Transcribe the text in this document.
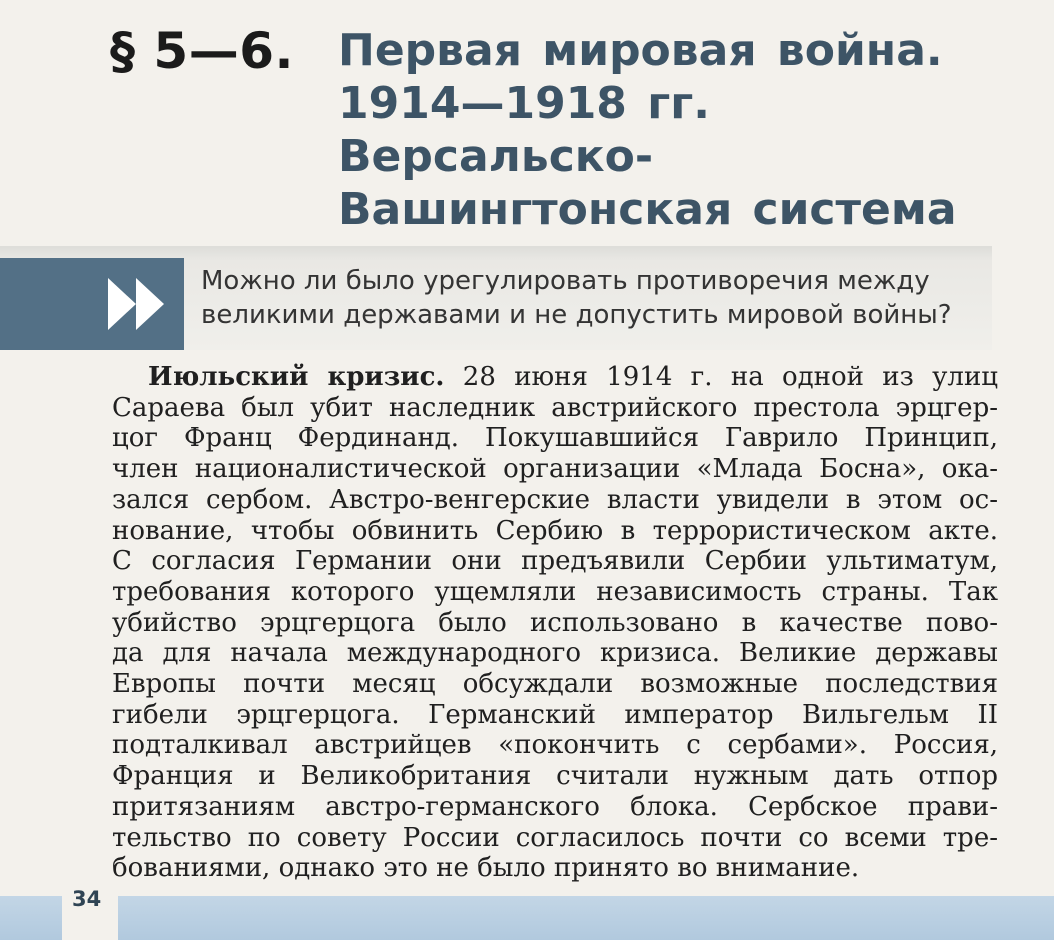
§ 5—6. Первая мировая война.
1914—1918 гг.
Версальско-
Вашингтонская система
Можно ли было урегулировать противоречия между
великими державами и не допустить мировой войны?
Июльский кризис. 28 июня 1914 г. на одной из улиц
Сараева был убит наследник австрийского престола эрцгер-
цог Франц Фердинанд. Покушавшийся Гаврило Принцип,
член националистической организации «Млада Босна», ока-
зался сербом. Австро-венгерские власти увидели в этом ос-
нование, чтобы обвинить Сербию в террористическом акте.
С согласия Германии они предъявили Сербии ультиматум,
требования которого ущемляли независимость страны. Так
убийство эрцгерцога было использовано в качестве пово-
да для начала международного кризиса. Великие державы
Европы почти месяц обсуждали возможные последствия
гибели эрцгерцога. Германский император Вильгельм II
подталкивал австрийцев «покончить с сербами». Россия,
Франция и Великобритания считали нужным дать отпор
притязаниям австро-германского блока. Сербское прави-
тельство по совету России согласилось почти со всеми тре-
бованиями, однако это не было принято во внимание.
34
